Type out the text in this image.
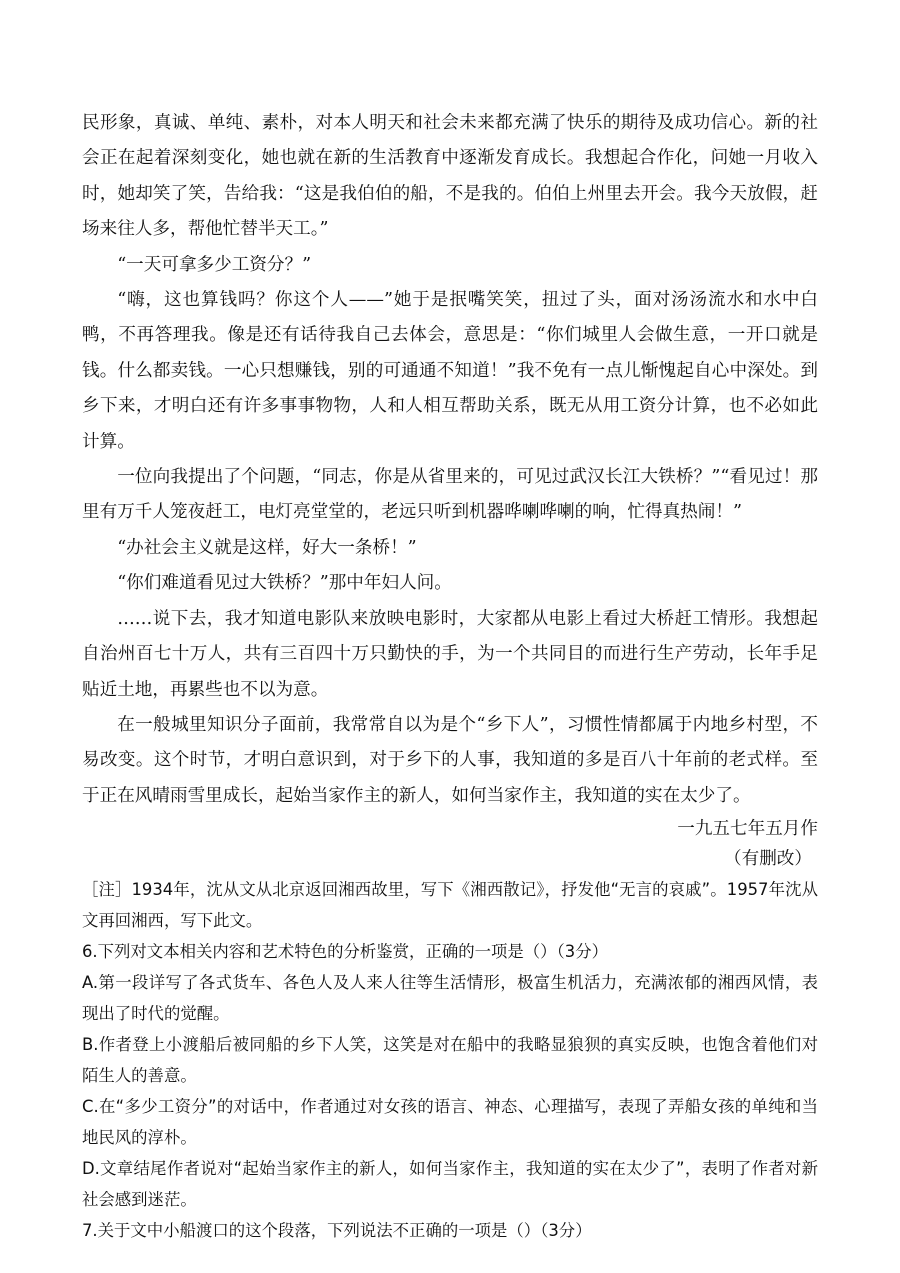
民形象，真诚、单纯、素朴，对本人明天和社会未来都充满了快乐的期待及成功信心。新的社会正在起着深刻变化，她也就在新的生活教育中逐渐发育成长。我想起合作化，问她一月收入时，她却笑了笑，告给我：“这是我伯伯的船，不是我的。伯伯上州里去开会。我今天放假，赶场来往人多，帮他忙替半天工。”

“一天可拿多少工资分？”

“嗨，这也算钱吗？你这个人——”她于是抿嘴笑笑，扭过了头，面对汤汤流水和水中白鸭，不再答理我。像是还有话待我自己去体会，意思是：“你们城里人会做生意，一开口就是钱。什么都卖钱。一心只想赚钱，别的可通通不知道！”我不免有一点儿惭愧起自心中深处。到乡下来，才明白还有许多事事物物，人和人相互帮助关系，既无从用工资分计算，也不必如此计算。

一位向我提出了个问题，“同志，你是从省里来的，可见过武汉长江大铁桥？”“看见过！那里有万千人笼夜赶工，电灯亮堂堂的，老远只听到机器哗喇哗喇的响，忙得真热闹！”

“办社会主义就是这样，好大一条桥！”

“你们难道看见过大铁桥？”那中年妇人问。

……说下去，我才知道电影队来放映电影时，大家都从电影上看过大桥赶工情形。我想起自治州百七十万人，共有三百四十万只勤快的手，为一个共同目的而进行生产劳动，长年手足贴近土地，再累些也不以为意。

在一般城里知识分子面前，我常常自以为是个“乡下人”，习惯性情都属于内地乡村型，不易改变。这个时节，才明白意识到，对于乡下的人事，我知道的多是百八十年前的老式样。至于正在风晴雨雪里成长，起始当家作主的新人，如何当家作主，我知道的实在太少了。

一九五七年五月作

（有删改）

［注］1934年，沈从文从北京返回湘西故里，写下《湘西散记》，抒发他“无言的哀戚”。1957年沈从文再回湘西，写下此文。

6.下列对文本相关内容和艺术特色的分析鉴赏，正确的一项是（）（3分）

A.第一段详写了各式货车、各色人及人来人往等生活情形，极富生机活力，充满浓郁的湘西风情，表现出了时代的觉醒。

B.作者登上小渡船后被同船的乡下人笑，这笑是对在船中的我略显狼狈的真实反映，也饱含着他们对陌生人的善意。

C.在“多少工资分”的对话中，作者通过对女孩的语言、神态、心理描写，表现了弄船女孩的单纯和当地民风的淳朴。

D.文章结尾作者说对“起始当家作主的新人，如何当家作主，我知道的实在太少了”，表明了作者对新社会感到迷茫。

7.关于文中小船渡口的这个段落，下列说法不正确的一项是（）（3分）
